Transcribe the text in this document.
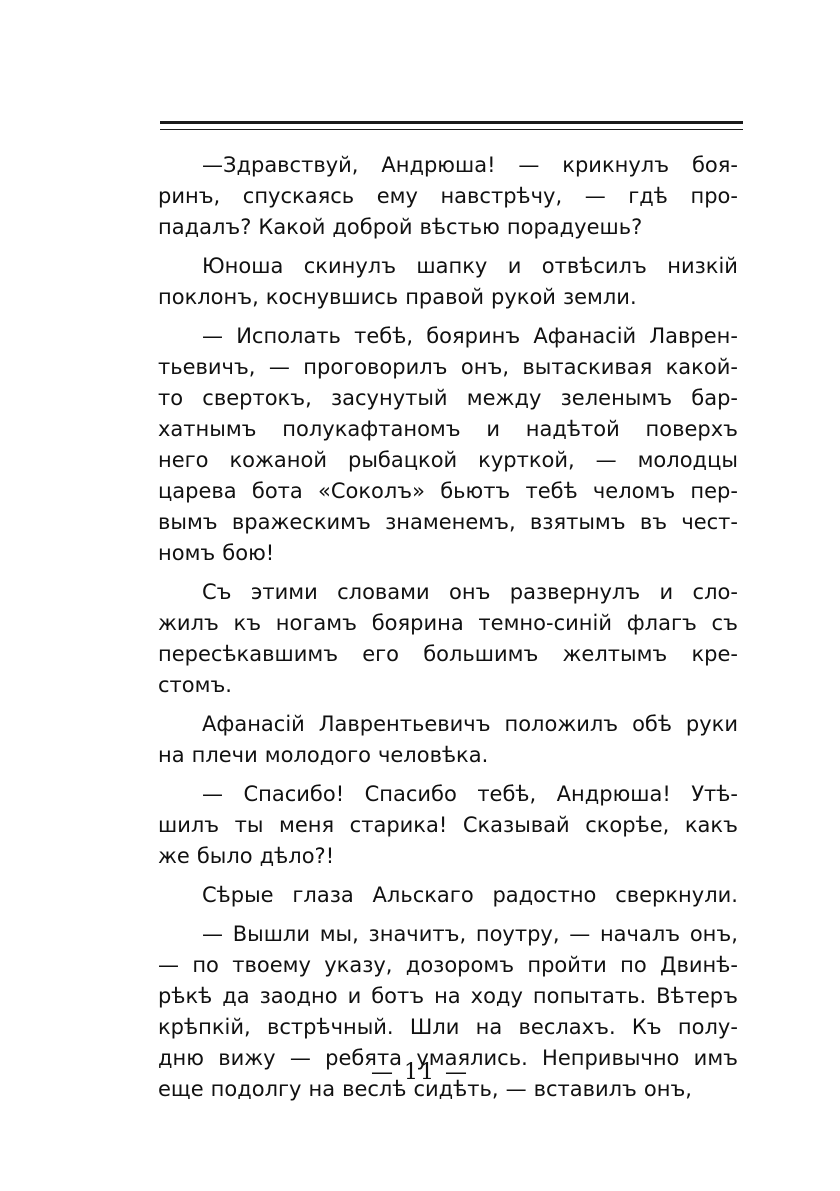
—Здравствуй, Андрюша! — крикнулъ боя-
ринъ, спускаясь ему навстрѣчу, — гдѣ про-
падалъ? Какой доброй вѣстью порадуешь?
Юноша скинулъ шапку и отвѣсилъ низкій
поклонъ, коснувшись правой рукой земли.
— Исполать тебѣ, бояринъ Афанасій Лаврен-
тьевичъ, — проговорилъ онъ, вытаскивая какой-
то свертокъ, засунутый между зеленымъ бар-
хатнымъ полукафтаномъ и надѣтой поверхъ
него кожаной рыбацкой курткой, — молодцы
царева бота «Соколъ» бьютъ тебѣ челомъ пер-
вымъ вражескимъ знаменемъ, взятымъ въ чест-
номъ бою!
Съ этими словами онъ развернулъ и сло-
жилъ къ ногамъ боярина темно-синій флагъ съ
пересѣкавшимъ его большимъ желтымъ кре-
стомъ.
Афанасій Лаврентьевичъ положилъ обѣ руки
на плечи молодого человѣка.
— Спасибо! Спасибо тебѣ, Андрюша! Утѣ-
шилъ ты меня старика! Сказывай скорѣе, какъ
же было дѣло?!
Сѣрые глаза Альскаго радостно сверкнули.
— Вышли мы, значитъ, поутру, — началъ онъ,
— по твоему указу, дозоромъ пройти по Двинѣ-
рѣкѣ да заодно и ботъ на ходу попытать. Вѣтеръ
крѣпкій, встрѣчный. Шли на веслахъ. Къ полу-
дню вижу — ребята умаялись. Непривычно имъ
еще подолгу на веслѣ сидѣть, — вставилъ онъ,
— 11 —
